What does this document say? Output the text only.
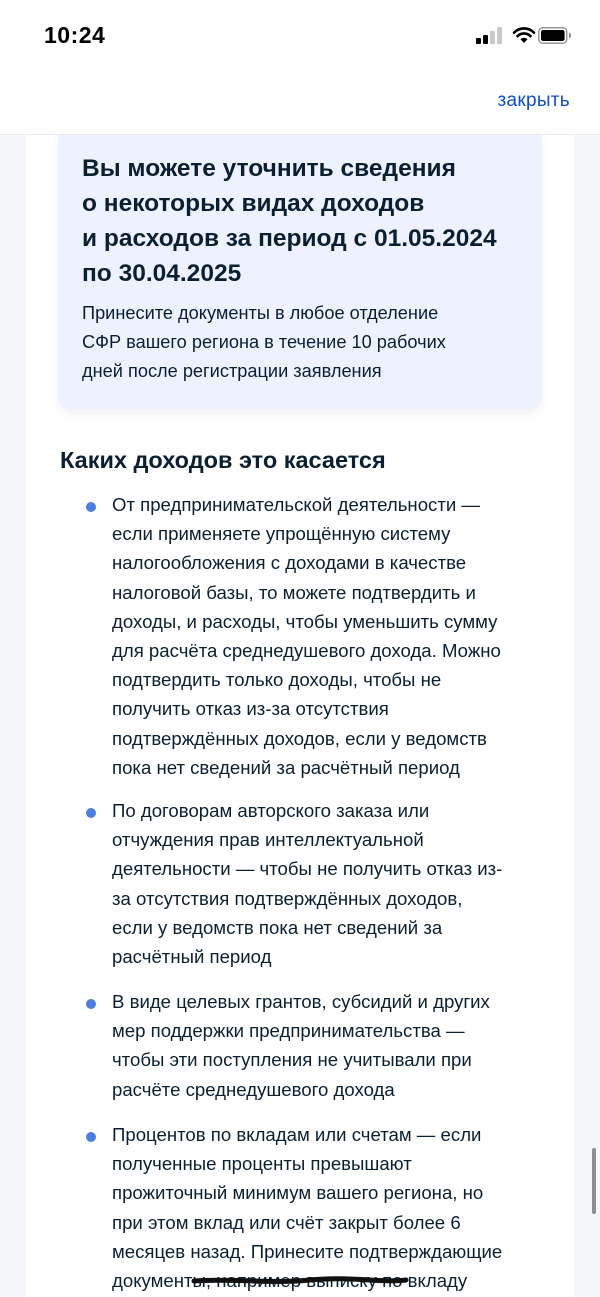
10:24
закрыть
Вы можете уточнить сведения
о некоторых видах доходов
и расходов за период с 01.05.2024
по 30.04.2025

Принесите документы в любое отделение
СФР вашего региона в течение 10 рабочих
дней после регистрации заявления

Каких доходов это касается

От предпринимательской деятельности —
если применяете упрощённую систему
налогообложения с доходами в качестве
налоговой базы, то можете подтвердить и
доходы, и расходы, чтобы уменьшить сумму
для расчёта среднедушевого дохода. Можно
подтвердить только доходы, чтобы не
получить отказ из-за отсутствия
подтверждённых доходов, если у ведомств
пока нет сведений за расчётный период

По договорам авторского заказа или
отчуждения прав интеллектуальной
деятельности — чтобы не получить отказ из-
за отсутствия подтверждённых доходов,
если у ведомств пока нет сведений за
расчётный период

В виде целевых грантов, субсидий и других
мер поддержки предпринимательства —
чтобы эти поступления не учитывали при
расчёте среднедушевого дохода

Процентов по вкладам или счетам — если
полученные проценты превышают
прожиточный минимум вашего региона, но
при этом вклад или счёт закрыт более 6
месяцев назад. Принесите подтверждающие
документы, например выписку по вкладу
